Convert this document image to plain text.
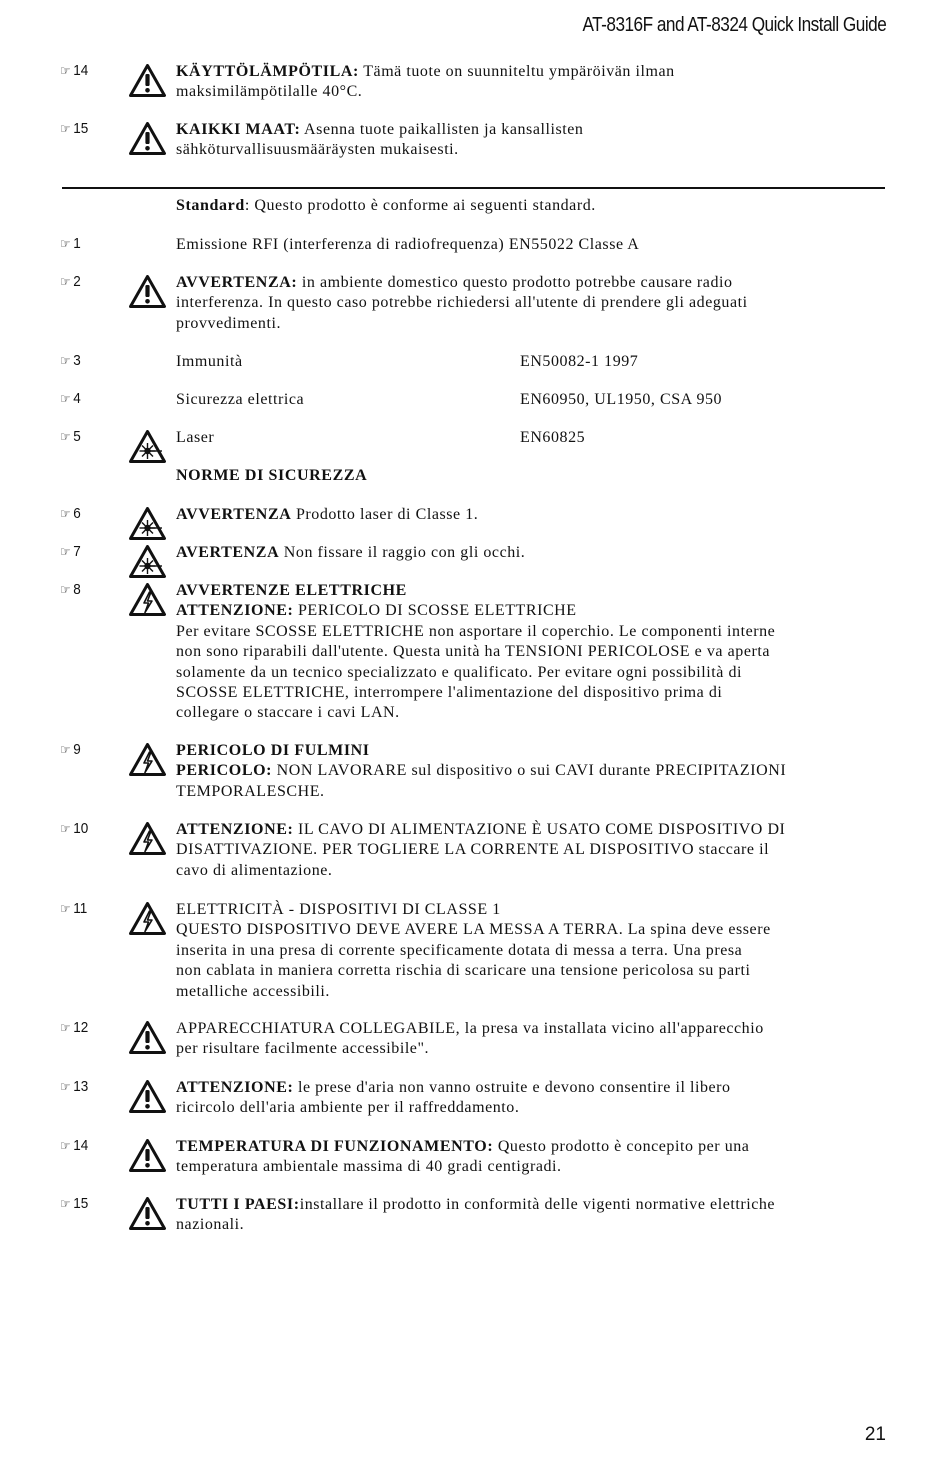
AT-8316F and AT-8324 Quick Install Guide
☞ 14	KÄYTTÖLÄMPÖTILA: Tämä tuote on suunniteltu ympäröivän ilman
maksimilämpötilalle 40°C.
☞ 15	KAIKKI MAAT: Asenna tuote paikallisten ja kansallisten
sähköturvallisuusmääräysten mukaisesti.
Standard: Questo prodotto è conforme ai seguenti standard.
☞ 1	Emissione RFI (interferenza di radiofrequenza) EN55022 Classe A
☞ 2	AVVERTENZA: in ambiente domestico questo prodotto potrebbe causare radio
interferenza. In questo caso potrebbe richiedersi all'utente di prendere gli adeguati
provvedimenti.
☞ 3	Immunità	EN50082-1 1997
☞ 4	Sicurezza elettrica	EN60950, UL1950, CSA 950
☞ 5	Laser	EN60825
NORME DI SICUREZZA
☞ 6	AVVERTENZA Prodotto laser di Classe 1.
☞ 7	AVERTENZA Non fissare il raggio con gli occhi.
☞ 8	AVVERTENZE ELETTRICHE
ATTENZIONE: PERICOLO DI SCOSSE ELETTRICHE
Per evitare SCOSSE ELETTRICHE non asportare il coperchio. Le componenti interne
non sono riparabili dall'utente. Questa unità ha TENSIONI PERICOLOSE e va aperta
solamente da un tecnico specializzato e qualificato. Per evitare ogni possibilità di
SCOSSE ELETTRICHE, interrompere l'alimentazione del dispositivo prima di
collegare o staccare i cavi LAN.
☞ 9	PERICOLO DI FULMINI
PERICOLO: NON LAVORARE sul dispositivo o sui CAVI durante PRECIPITAZIONI
TEMPORALESCHE.
☞ 10	ATTENZIONE: IL CAVO DI ALIMENTAZIONE È USATO COME DISPOSITIVO DI
DISATTIVAZIONE. PER TOGLIERE LA CORRENTE AL DISPOSITIVO staccare il
cavo di alimentazione.
☞ 11	ELETTRICITÀ - DISPOSITIVI DI CLASSE 1
QUESTO DISPOSITIVO DEVE AVERE LA MESSA A TERRA. La spina deve essere
inserita in una presa di corrente specificamente dotata di messa a terra. Una presa
non cablata in maniera corretta rischia di scaricare una tensione pericolosa su parti
metalliche accessibili.
☞ 12	APPARECCHIATURA COLLEGABILE, la presa va installata vicino all'apparecchio
per risultare facilmente accessibile".
☞ 13	ATTENZIONE: le prese d'aria non vanno ostruite e devono consentire il libero
ricircolo dell'aria ambiente per il raffreddamento.
☞ 14	TEMPERATURA DI FUNZIONAMENTO: Questo prodotto è concepito per una
temperatura ambientale massima di 40 gradi centigradi.
☞ 15	TUTTI I PAESI:installare il prodotto in conformità delle vigenti normative elettriche
nazionali.
21
